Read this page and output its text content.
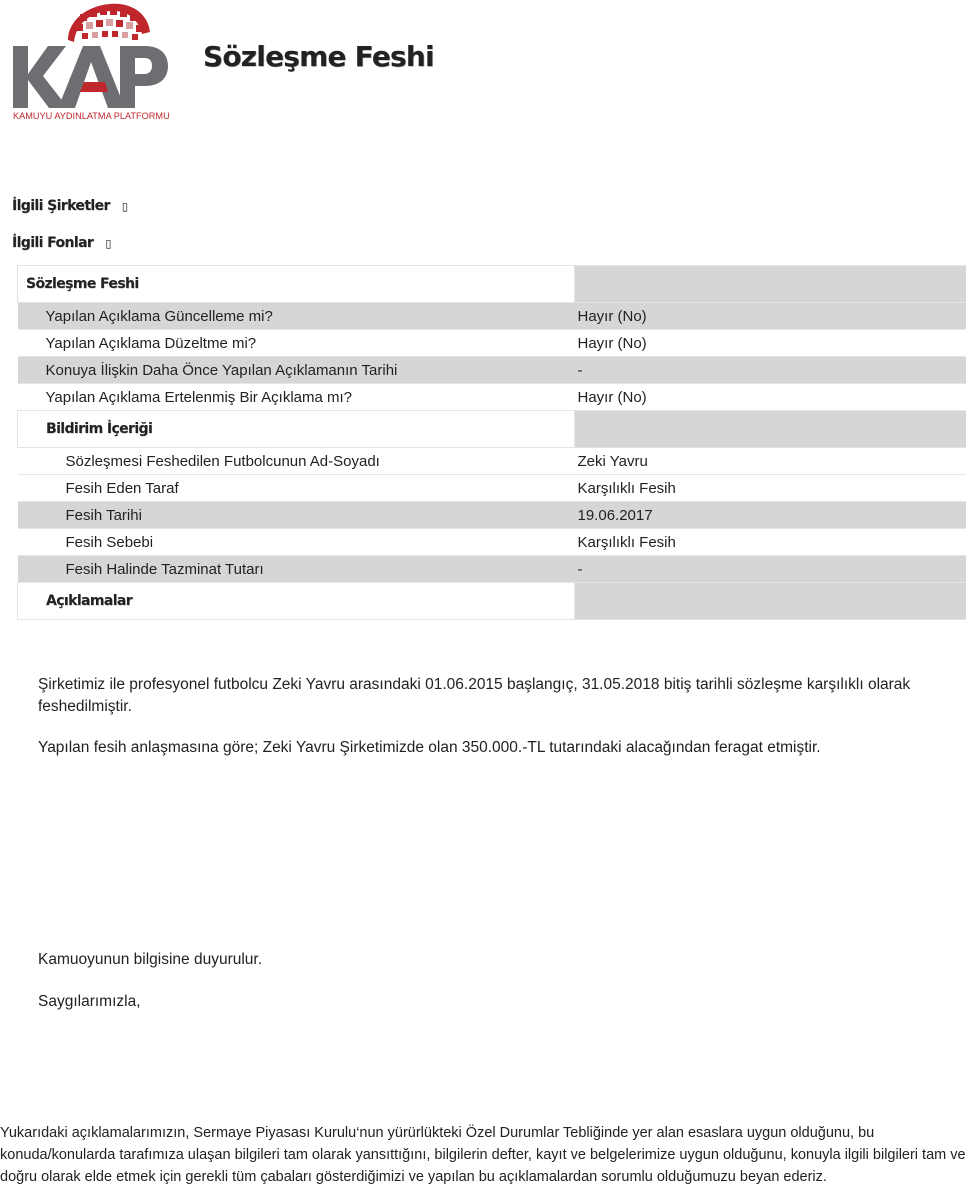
KAMUYU AYDINLATMA PLATFORMU
Sözleşme Feshi
İlgili Şirketler ▯
İlgili Fonlar ▯
Sözleşme Feshi	
Yapılan Açıklama Güncelleme mi?	Hayır (No)
Yapılan Açıklama Düzeltme mi?	Hayır (No)
Konuya İlişkin Daha Önce Yapılan Açıklamanın Tarihi	-
Yapılan Açıklama Ertelenmiş Bir Açıklama mı?	Hayır (No)
Bildirim İçeriği	
Sözleşmesi Feshedilen Futbolcunun Ad-Soyadı	Zeki Yavru
Fesih Eden Taraf	Karşılıklı Fesih
Fesih Tarihi	19.06.2017
Fesih Sebebi	Karşılıklı Fesih
Fesih Halinde Tazminat Tutarı	-
Açıklamalar	

Şirketimiz ile profesyonel futbolcu Zeki Yavru arasındaki 01.06.2015 başlangıç, 31.05.2018 bitiş tarihli sözleşme karşılıklı olarak feshedilmiştir.

Yapılan fesih anlaşmasına göre; Zeki Yavru Şirketimizde olan 350.000.-TL tutarındaki alacağından feragat etmiştir.

Kamuoyunun bilgisine duyurulur.

Saygılarımızla,

Yukarıdaki açıklamalarımızın, Sermaye Piyasası Kurulu‘nun yürürlükteki Özel Durumlar Tebliğinde yer alan esaslara uygun olduğunu, bu konuda/konularda tarafımıza ulaşan bilgileri tam olarak yansıttığını, bilgilerin defter, kayıt ve belgelerimize uygun olduğunu, konuyla ilgili bilgileri tam ve doğru olarak elde etmek için gerekli tüm çabaları gösterdiğimizi ve yapılan bu açıklamalardan sorumlu olduğumuzu beyan ederiz.
